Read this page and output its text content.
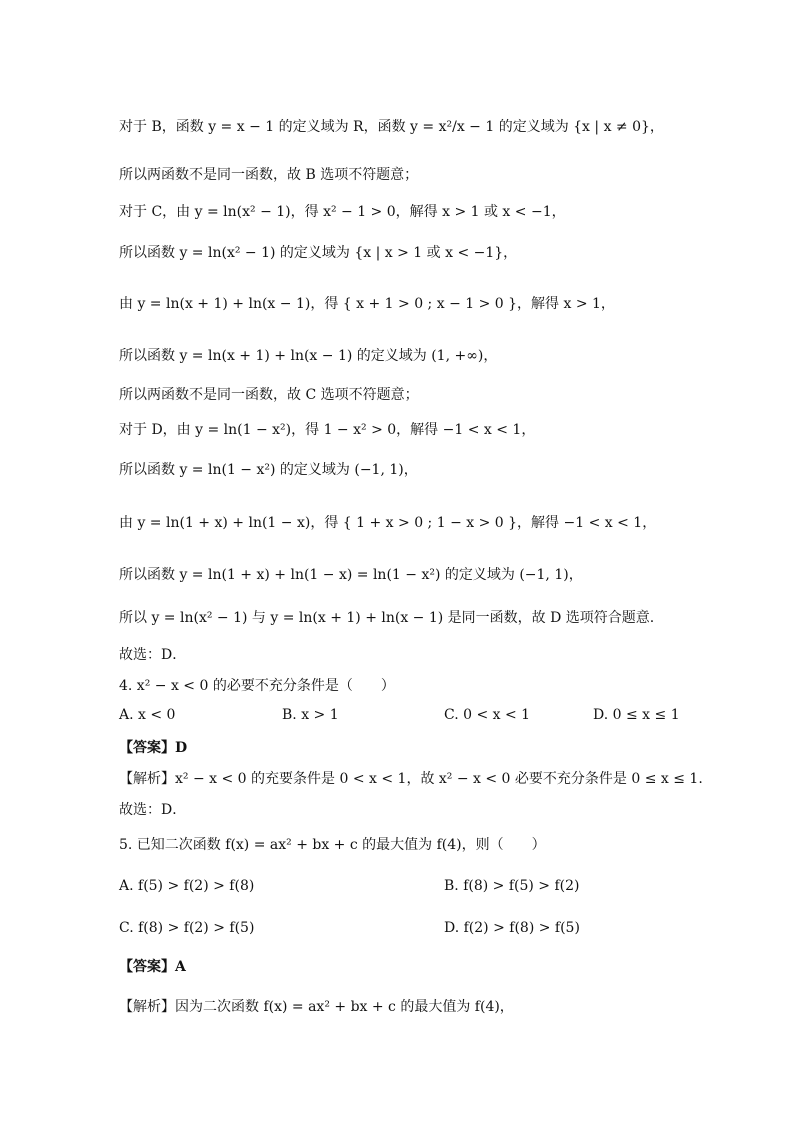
对于 B，函数 y = x − 1 的定义域为 R，函数 y = x²/x − 1 的定义域为 {x | x ≠ 0}，
所以两函数不是同一函数，故 B 选项不符题意；
对于 C，由 y = ln(x² − 1)，得 x² − 1 > 0，解得 x > 1 或 x < −1，
所以函数 y = ln(x² − 1) 的定义域为 {x | x > 1 或 x < −1}，
由 y = ln(x + 1) + ln(x − 1)，得 { x + 1 > 0 ; x − 1 > 0 }，解得 x > 1，
所以函数 y = ln(x + 1) + ln(x − 1) 的定义域为 (1, +∞)，
所以两函数不是同一函数，故 C 选项不符题意；
对于 D，由 y = ln(1 − x²)，得 1 − x² > 0，解得 −1 < x < 1，
所以函数 y = ln(1 − x²) 的定义域为 (−1, 1)，
由 y = ln(1 + x) + ln(1 − x)，得 { 1 + x > 0 ; 1 − x > 0 }，解得 −1 < x < 1，
所以函数 y = ln(1 + x) + ln(1 − x) = ln(1 − x²) 的定义域为 (−1, 1)，
所以 y = ln(x² − 1) 与 y = ln(x + 1) + ln(x − 1) 是同一函数，故 D 选项符合题意.
故选：D．
4. x² − x < 0 的必要不充分条件是（　　）
A. x < 0	B. x > 1	C. 0 < x < 1	D. 0 ≤ x ≤ 1
【答案】D
【解析】x² − x < 0 的充要条件是 0 < x < 1，故 x² − x < 0 必要不充分条件是 0 ≤ x ≤ 1.
故选：D．
5. 已知二次函数 f(x) = ax² + bx + c 的最大值为 f(4)，则（　　）
A. f(5) > f(2) > f(8)	B. f(8) > f(5) > f(2)
C. f(8) > f(2) > f(5)	D. f(2) > f(8) > f(5)
【答案】A
【解析】因为二次函数 f(x) = ax² + bx + c 的最大值为 f(4)，
